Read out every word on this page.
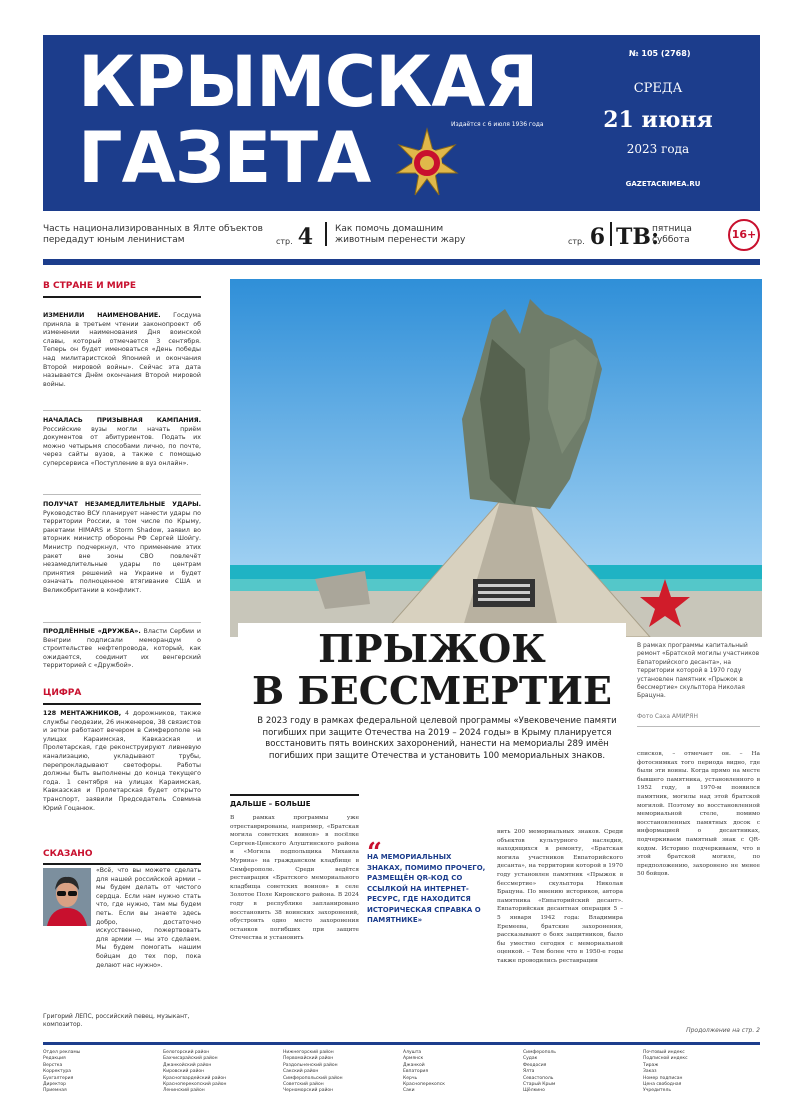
КРЫМСКАЯ
ГАЗЕТА	Издаётся с 6 июля 1936 года
№ 105 (2768)
СРЕДА
21 июня
2023 года
GAZETACRIMEA.RU
Часть национализированных в Ялте объектов передадут юным ленинистам	стр. 4 Как помочь домашним животным перенести жару	стр. 6 ТВ:
пятница
суббота	16+
В СТРАНЕ И МИРЕ
ИЗМЕНИЛИ НАИМЕНОВАНИЕ. Госдума приняла в третьем чтении законопроект об изменении наименования Дня воинской славы, который отмечается 3 сентября. Теперь он будет именоваться «День победы над милитаристской Японией и окончания Второй мировой войны». Сейчас эта дата называется Днём окончания Второй мировой войны.
НАЧАЛАСЬ ПРИЗЫВНАЯ КАМПАНИЯ. Российские вузы могли начать приём документов от абитуриентов. Подать их можно четырьмя способами лично, по почте, через сайты вузов, а также с помощью суперсервиса «Поступление в вуз онлайн».
ПОЛУЧАТ НЕЗАМЕДЛИТЕЛЬНЫЕ УДАРЫ. Руководство ВСУ планирует нанести удары по территории России, в том числе по Крыму, ракетами HIMARS и Storm Shadow, заявил во вторник министр обороны РФ Сергей Шойгу. Министр подчеркнул, что применение этих ракет вне зоны СВО повлечёт незамедлительные удары по центрам принятия решений на Украине и будет означать полноценное втягивание США и Великобритании в конфликт.
ПРОДЛЁННЫЕ «ДРУЖБА». Власти Сербии и Венгрии подписали меморандум о строительстве нефтепровода, который, как ожидается, соединит их венгерский территорией с «Дружбой».
ЦИФРА
128 МЕНТАЖНИКОВ, 4 дорожников, также службы геодезии, 26 инженеров, 38 связистов и зетки работают вечером в Симферополе на улицах Караимская, Кавказская и Пролетарская, где реконструируют ливневую канализацию, укладывают трубы, перепрокладывают светофоры. Работы должны быть выполнены до конца текущего года. 1 сентября на улицах Караимская, Кавказская и Пролетарская будет открыто транспорт, заявили Председатель Совмина Юрий Гоцанюк.
СКАЗАНО
«Всё, что вы можете сделать для нашей российской армии – мы будем делать от чистого сердца. Если нам нужно стать что, где нужно, там мы будем петь. Если вы знаете здесь добро, достаточно искусственно, пожертвовать для армии — мы это сделаем. Мы будем помогать нашим бойцам до тех пор, пока делают нас нужно».
Григорий ЛЕПС, российский певец, музыкант, композитор.
ПРЫЖОК
В БЕССМЕРТИЕ
В 2023 году в рамках федеральной целевой программы «Увековечение памяти погибших при защите Отечества на 2019 – 2024 годы» в Крыму планируется восстановить пять воинских захоронений, нанести на мемориалы 289 имён погибших при защите Отечества и установить 100 мемориальных знаков.
В рамках программы капитальный ремонт «Братской могилы участников Евпаторийского десанта», на территории которой в 1970 году установлен памятник «Прыжок в бессмертие» скульптора Николая Брацуна.
Фото Саха АМИРЯН
ДАЛЬШЕ – БОЛЬШЕ
В рамках программы уже отреставрированы, например, «Братская могила советских воинов» в посёлке Сергеев-Ценского Алуштинского района и «Могила подпольщика Михаила Мурина» на гражданском кладбище в Симферополе. Среди ведётся реставрация «Братского мемориального кладбища советских воинов» в селе Золотое Поле Кировского района. В 2024 году в республике запланировано восстановить 38 воинских захоронений, обустроить одно место захоронения останков погибших при защите Отечества и установить
“
НА МЕМОРИАЛЬНЫХ ЗНАКАХ, ПОМИМО ПРОЧЕГО, РАЗМЕЩЁН QR-КОД СО ССЫЛКОЙ НА ИНТЕРНЕТ-РЕСУРС, ГДЕ НАХОДИТСЯ ИСТОРИЧЕСКАЯ СПРАВКА О ПАМЯТНИКЕ»
вить 200 мемориальных знаков. Среди объектов культурного наследия, находящихся в ремонту, «Братская могила участников Евпаторийского десанта», на территории которой в 1970 году установлен памятник «Прыжок в бессмертие» скульптора Николая Брацуна. По мнению историков, автора памятника «Евпаторийский десант». Евпаторийская десантная операция 5 – 5 января 1942 года: Владимира Еремеева, братские захоронения, рассказывают о боях защитников, было бы уместно сегодня с мемориальной оценкой. – Тем более что в 1950-е годы также проводились реставрации
списков, – отмечает он. – На фотоснимках того периода видно, где были эти воины. Когда прямо на месте бывшего памятника, установленного в 1952 году, в 1970-м появился памятник, могилы над этой братской могилой. Поэтому во восстановленной мемориальной стеле, помимо восстановленных памятных досок с информацией о десантниках, подчеркиваем памятный знак с QR-кодом. Историю подчеркиваем, что в этой братской могиле, по предположению, захоронено не менее 50 бойцов.
Продолжение на стр. 2
Отдел рекламы
Редакция
Верстка
Корректура
Бухгалтерия
Директор
Приемная
Белогорский район
Бахчисарайский район
Джанкойский район
Кировский район
Красногвардейский район
Красноперекопский район
Ленинский район
Нижнегорский район
Первомайский район
Раздольненский район
Сакский район
Симферопольский район
Советский район
Черноморский район
Алушта
Армянск
Джанкой
Евпатория
Керчь
Красноперекопск
Саки
Симферополь
Судак
Феодосия
Ялта
Севастополь
Старый Крым
Щёлкино
Почтовый индекс
Подписной индекс
Тираж
Заказ
Номер подписан
Цена свободная
Учредитель
